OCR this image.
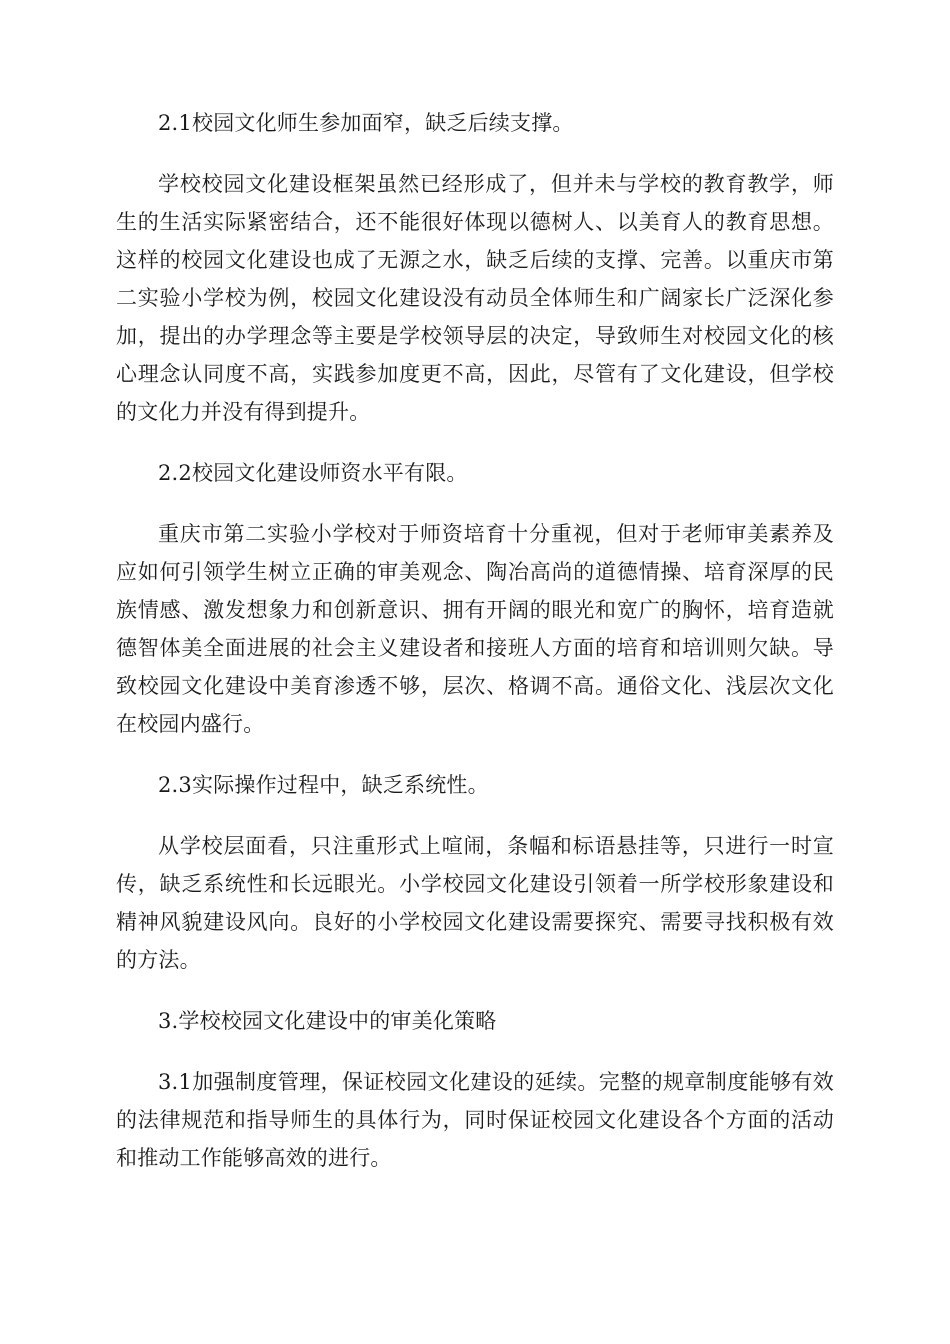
2.1校园文化师生参加面窄，缺乏后续支撑。

学校校园文化建设框架虽然已经形成了，但并未与学校的教育教学，师生的生活实际紧密结合，还不能很好体现以德树人、以美育人的教育思想。这样的校园文化建设也成了无源之水，缺乏后续的支撑、完善。以重庆市第二实验小学校为例，校园文化建设没有动员全体师生和广阔家长广泛深化参加，提出的办学理念等主要是学校领导层的决定，导致师生对校园文化的核心理念认同度不高，实践参加度更不高，因此，尽管有了文化建设，但学校的文化力并没有得到提升。

2.2校园文化建设师资水平有限。

重庆市第二实验小学校对于师资培育十分重视，但对于老师审美素养及应如何引领学生树立正确的审美观念、陶冶高尚的道德情操、培育深厚的民族情感、激发想象力和创新意识、拥有开阔的眼光和宽广的胸怀，培育造就德智体美全面进展的社会主义建设者和接班人方面的培育和培训则欠缺。导致校园文化建设中美育渗透不够，层次、格调不高。通俗文化、浅层次文化在校园内盛行。

2.3实际操作过程中，缺乏系统性。

从学校层面看，只注重形式上喧闹，条幅和标语悬挂等，只进行一时宣传，缺乏系统性和长远眼光。小学校园文化建设引领着一所学校形象建设和精神风貌建设风向。良好的小学校园文化建设需要探究、需要寻找积极有效的方法。

3.学校校园文化建设中的审美化策略

3.1加强制度管理，保证校园文化建设的延续。完整的规章制度能够有效的法律规范和指导师生的具体行为，同时保证校园文化建设各个方面的活动和推动工作能够高效的进行。
